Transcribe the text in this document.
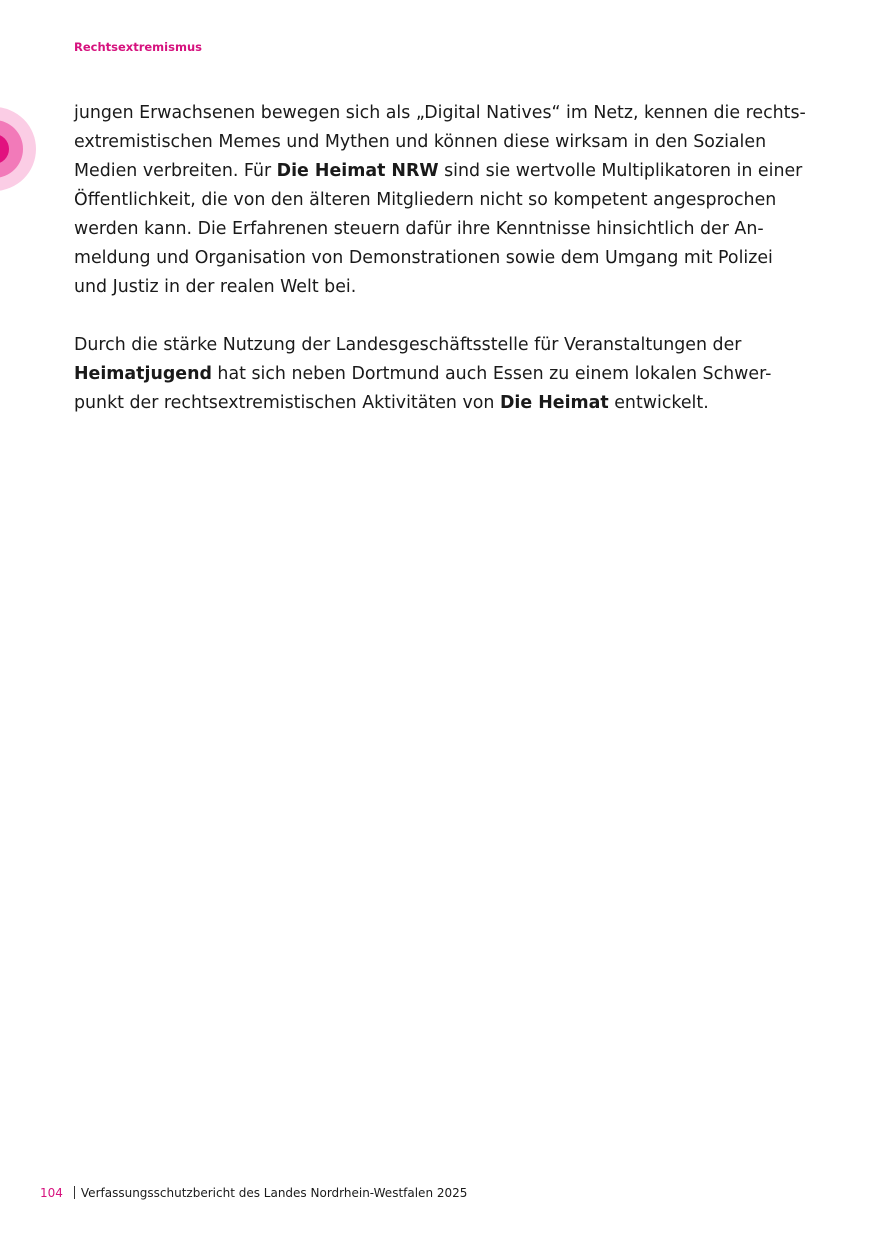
Rechtsextremismus

jungen Erwachsenen bewegen sich als „Digital Natives“ im Netz, kennen die rechts-
extremistischen Memes und Mythen und können diese wirksam in den Sozialen
Medien verbreiten. Für Die Heimat NRW sind sie wertvolle Multiplikatoren in einer
Öffentlichkeit, die von den älteren Mitgliedern nicht so kompetent angesprochen
werden kann. Die Erfahrenen steuern dafür ihre Kenntnisse hinsichtlich der An-
meldung und Organisation von Demonstrationen sowie dem Umgang mit Polizei
und Justiz in der realen Welt bei.

Durch die stärke Nutzung der Landesgeschäftsstelle für Veranstaltungen der
Heimatjugend hat sich neben Dortmund auch Essen zu einem lokalen Schwer-
punkt der rechtsextremistischen Aktivitäten von Die Heimat entwickelt.

104 Verfassungsschutzbericht des Landes Nordrhein-Westfalen 2025
